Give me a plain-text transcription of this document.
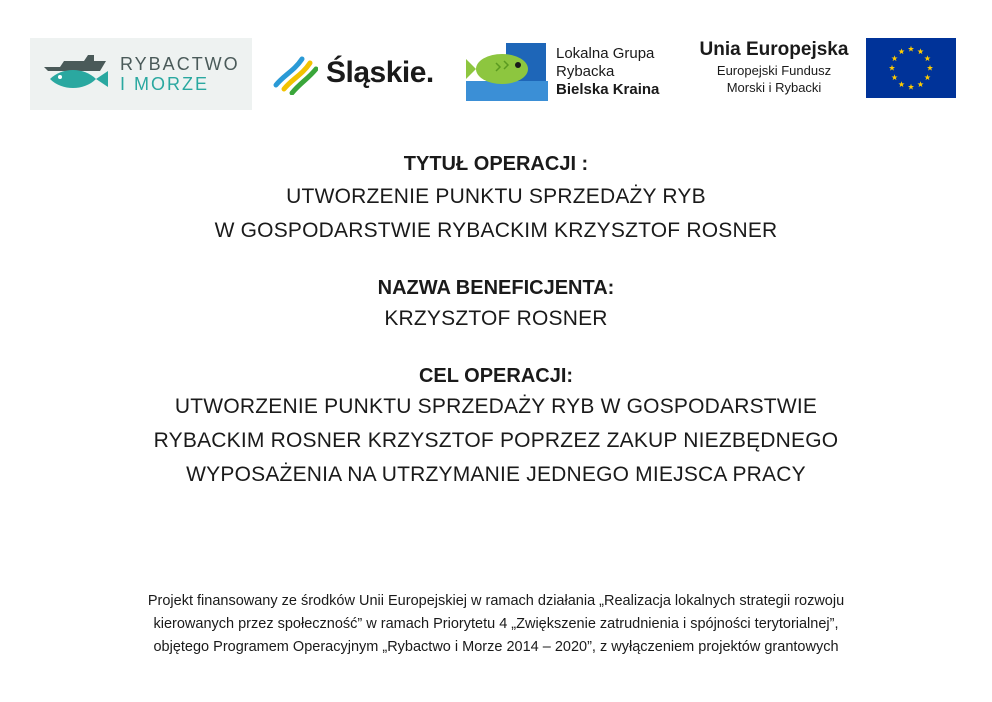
RYBACTWO
I MORZE	Śląskie.
Lokalna Grupa
Rybacka
Bielska Kraina
Unia Europejska
Europejski Fundusz
Morski i Rybacki

TYTUŁ OPERACJI :

UTWORZENIE PUNKTU SPRZEDAŻY RYB

W GOSPODARSTWIE RYBACKIM KRZYSZTOF ROSNER

NAZWA BENEFICJENTA:

KRZYSZTOF ROSNER

CEL OPERACJI:

UTWORZENIE PUNKTU SPRZEDAŻY RYB W GOSPODARSTWIE

RYBACKIM ROSNER KRZYSZTOF POPRZEZ ZAKUP NIEZBĘDNEGO

WYPOSAŻENIA NA UTRZYMANIE JEDNEGO MIEJSCA PRACY

Projekt finansowany ze środków Unii Europejskiej w ramach działania „Realizacja lokalnych strategii rozwoju
kierowanych przez społeczność” w ramach Priorytetu 4 „Zwiększenie zatrudnienia i spójności terytorialnej”,
objętego Programem Operacyjnym „Rybactwo i Morze 2014 – 2020”, z wyłączeniem projektów grantowych
